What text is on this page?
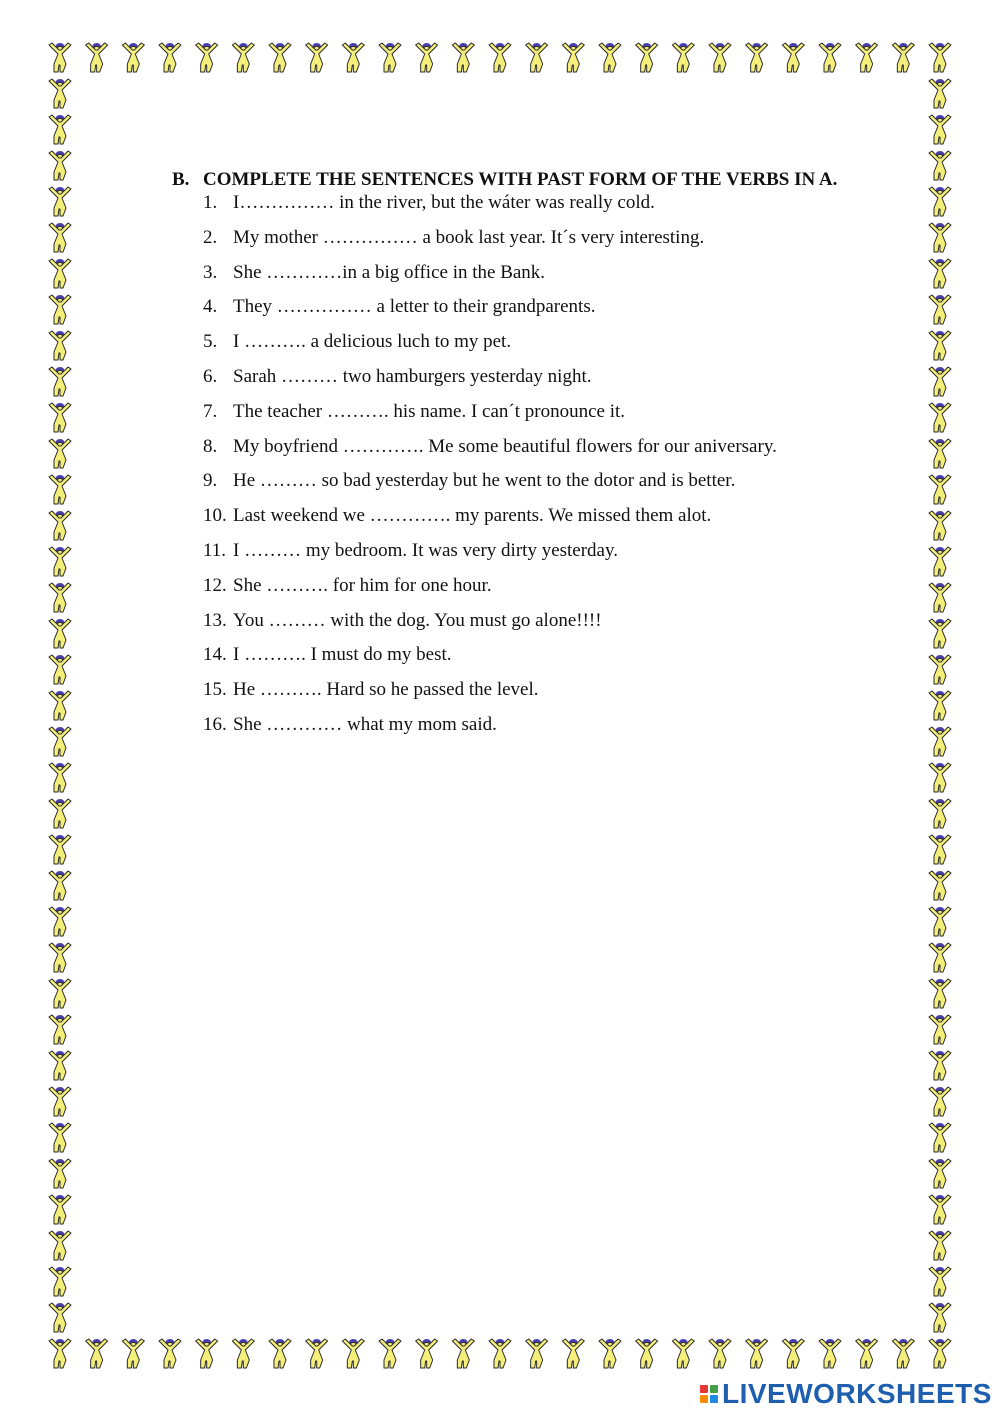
B. COMPLETE THE SENTENCES WITH PAST FORM OF THE VERBS IN A.
1. I…………… in the river, but the wáter was really cold.
2. My mother …………… a book last year. It´s very interesting.
3. She …………in a big office in the Bank.
4. They …………… a letter to their grandparents.
5. I ………. a delicious luch to my pet.
6. Sarah ……… two hamburgers yesterday night.
7. The teacher ………. his name. I can´t pronounce it.
8. My boyfriend …………. Me some beautiful flowers for our aniversary.
9. He ……… so bad yesterday but he went to the dotor and is better.
10. Last weekend we …………. my parents. We missed them alot.
11. I ……… my bedroom. It was very dirty yesterday.
12. She ………. for him for one hour.
13. You ……… with the dog. You must go alone!!!!
14. I ………. I must do my best.
15. He ………. Hard so he passed the level.
16. She ………… what my mom said.
LIVEWORKSHEETS
